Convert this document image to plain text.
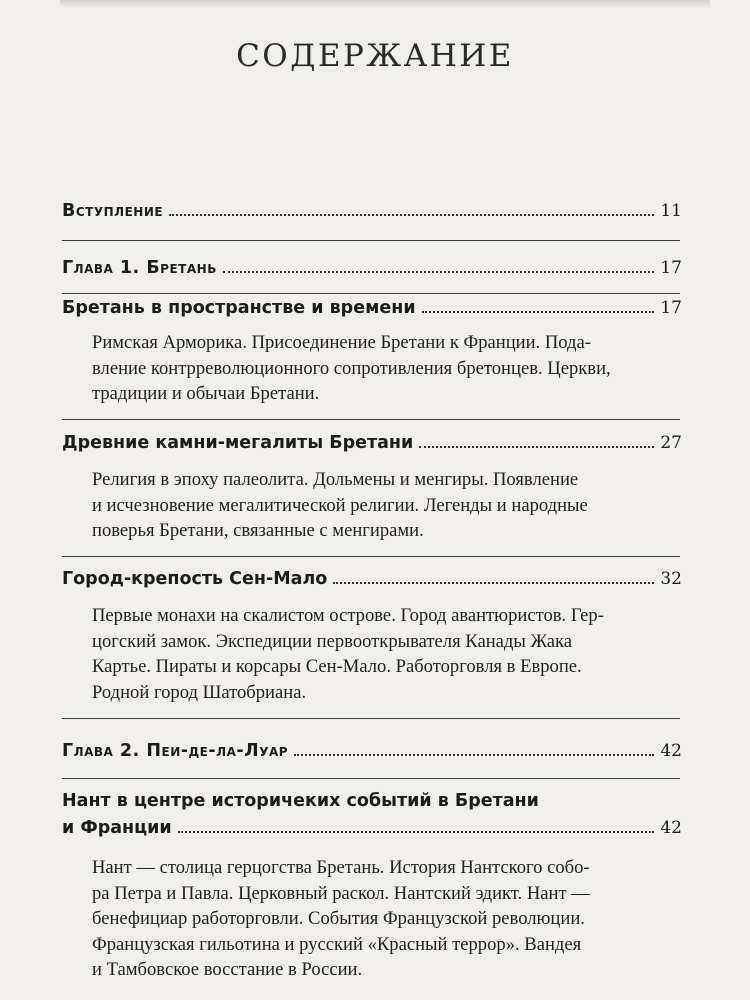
СОДЕРЖАНИЕ
Вступление	11
Глава 1. Бретань	17
Бретань в пространстве и времени	17
Римская Арморика. Присоединение Бретани к Франции. Пода-
вление контрреволюционного сопротивления бретонцев. Церкви,
традиции и обычаи Бретани.
Древние камни-мегалиты Бретани	27
Религия в эпоху палеолита. Дольмены и менгиры. Появление
и исчезновение мегалитической религии. Легенды и народные
поверья Бретани, связанные с менгирами.
Город-крепость Сен-Мало	32
Первые монахи на скалистом острове. Город авантюристов. Гер-
цогский замок. Экспедиции первооткрывателя Канады Жака
Картье. Пираты и корсары Сен-Мало. Работорговля в Европе.
Родной город Шатобриана.
Глава 2. Пеи-де-ла-Луар	42
Нант в центре историчеких событий в Бретани
и Франции	42
Нант — столица герцогства Бретань. История Нантского собо-
ра Петра и Павла. Церковный раскол. Нантский эдикт. Нант —
бенефициар работорговли. События Французской революции.
Французская гильотина и русский «Красный террор». Вандея
и Тамбовское восстание в России.
